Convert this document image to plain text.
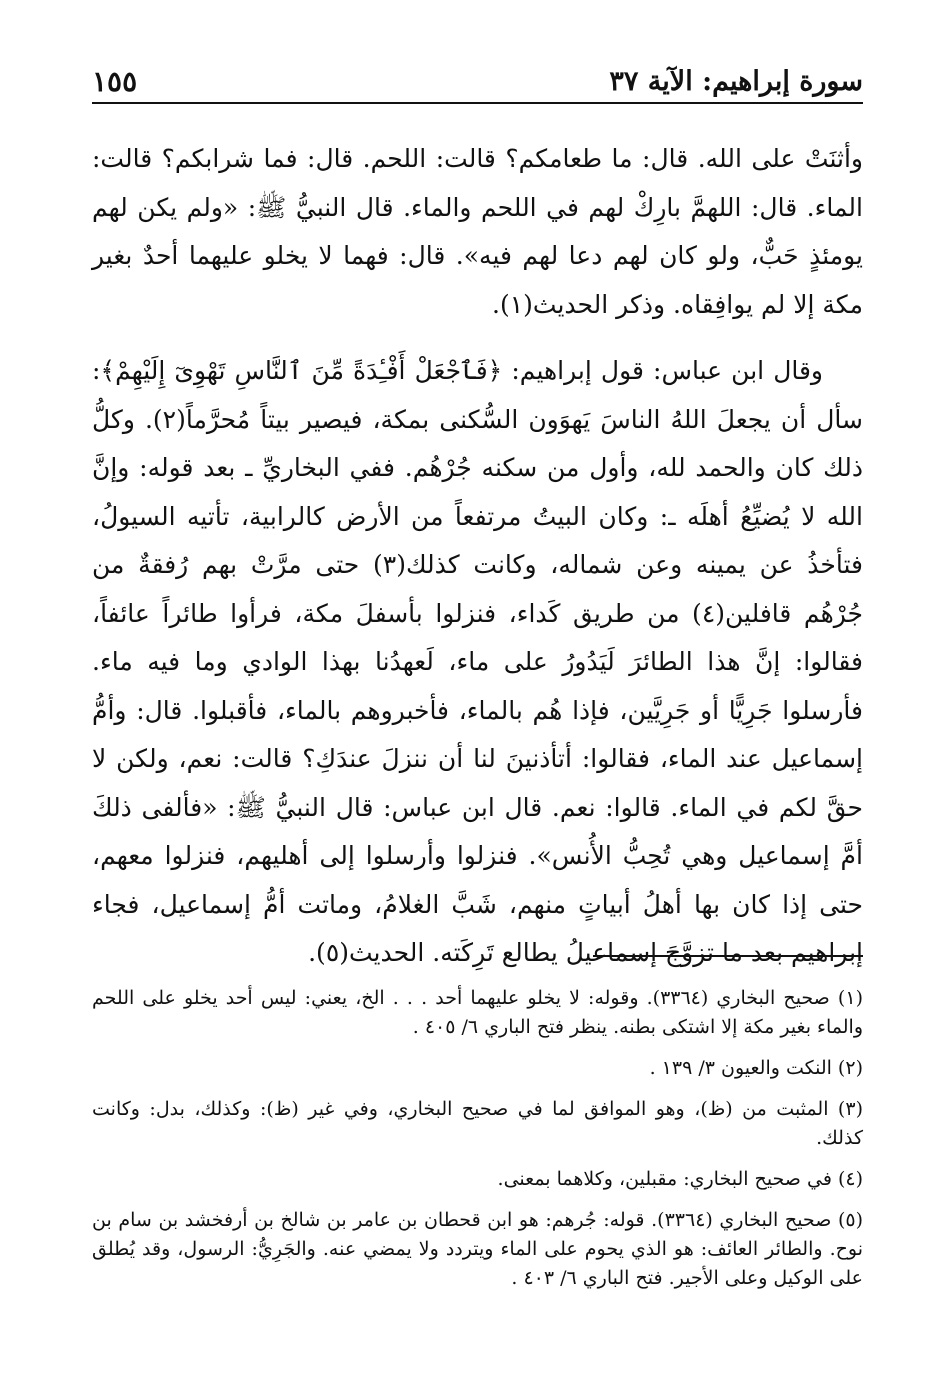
سورة إبراهيم: الآية ٣٧
١٥٥

وأثنَتْ على الله. قال: ما طعامكم؟ قالت: اللحم. قال: فما شرابكم؟ قالت: الماء. قال: اللهمَّ بارِكْ لهم في اللحم والماء. قال النبيُّ ﷺ: «ولم يكن لهم يومئذٍ حَبٌّ، ولو كان لهم دعا لهم فيه». قال: فهما لا يخلو عليهما أحدٌ بغير مكة إلا لم يوافِقاه. وذكر الحديث(١).

وقال ابن عباس: قول إبراهيم: ﴿فَٱجْعَلْ أَفْـِٔدَةً مِّنَ ٱلنَّاسِ تَهْوِىٓ إِلَيْهِمْ﴾: سأل أن يجعلَ اللهُ الناسَ يَهوَون السُّكنى بمكة، فيصير بيتاً مُحرَّماً(٢). وكلُّ ذلك كان والحمد لله، وأول من سكنه جُرْهُم. ففي البخاريِّ ـ بعد قوله: وإنَّ الله لا يُضيِّعُ أهلَه ـ: وكان البيتُ مرتفعاً من الأرض كالرابية، تأتيه السيولُ، فتأخذُ عن يمينه وعن شماله، وكانت كذلك(٣) حتى مرَّتْ بهم رُفقةٌ من جُرْهُم قافلين(٤) من طريق كَداء، فنزلوا بأسفلَ مكة، فرأوا طائراً عائفاً، فقالوا: إنَّ هذا الطائرَ لَيَدُورُ على ماء، لَعهدُنا بهذا الوادي وما فيه ماء. فأرسلوا جَرِيًّا أو جَرِيَّين، فإذا هُم بالماء، فأخبروهم بالماء، فأقبلوا. قال: وأمُّ إسماعيل عند الماء، فقالوا: أتأذنينَ لنا أن ننزلَ عندَكِ؟ قالت: نعم، ولكن لا حقَّ لكم في الماء. قالوا: نعم. قال ابن عباس: قال النبيُّ ﷺ: «فألفى ذلكَ أمَّ إسماعيل وهي تُحِبُّ الأُنس». فنزلوا وأرسلوا إلى أهليهم، فنزلوا معهم، حتى إذا كان بها أهلُ أبياتٍ منهم، شَبَّ الغلامُ، وماتت أمُّ إسماعيل، فجاء إبراهيم بعد ما تزوَّجَ إسماعيلُ يطالع تَرِكَته. الحديث(٥).

(١) صحيح البخاري (٣٣٦٤). وقوله: لا يخلو عليهما أحد . . . الخ، يعني: ليس أحد يخلو على اللحم والماء بغير مكة إلا اشتكى بطنه. ينظر فتح الباري ٦/ ٤٠٥ .

(٢) النكت والعيون ٣/ ١٣٩ .

(٣) المثبت من (ظ)، وهو الموافق لما في صحيح البخاري، وفي غير (ظ): وكذلك، بدل: وكانت كذلك.

(٤) في صحيح البخاري: مقبلين، وكلاهما بمعنى.

(٥) صحيح البخاري (٣٣٦٤). قوله: جُرهم: هو ابن قحطان بن عامر بن شالخ بن أرفخشد بن سام بن نوح. والطائر العائف: هو الذي يحوم على الماء ويتردد ولا يمضي عنه. والجَرِيُّ: الرسول، وقد يُطلق على الوكيل وعلى الأجير. فتح الباري ٦/ ٤٠٣ .
